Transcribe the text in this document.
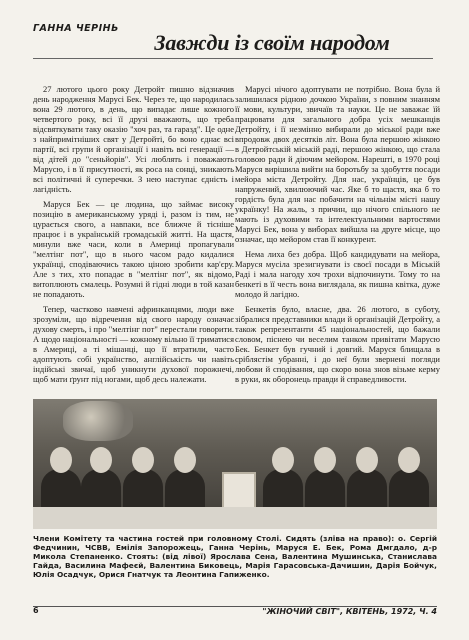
ГАННА ЧЕРІНЬ
Завжди із своїм народом

27 лютого цього року Детройт пишно відзначив день народження Марусі Бек. Через те, що народилась вона 29 лютого, в день, що випадає лише кожного четвертого року, всі її друзі вважають, що треба відсвяткувати таку оказію "хоч раз, та гаразд". Це одне з найпримітніших свят у Детройті, бо воно єднає всі партії, всі групи й організації і навіть всі генерації — від дітей до "сеньйорів". Усі люблять і поважають Марусю, і в її присутності, як роса на сонці, зникають всі політичні й суперечки. З нею наступає єдність і лагідність.

Маруся Бек — це людина, що займає високу позицію в американському уряді і, разом із тим, не цурається свого, а навпаки, все ближче й тісніше працює і в українській громадській житті. На щастя, минули вже часи, коли в Америці пропагували "мелтінг пот", що в нього часом радо кидалися українці, сподіваючись такою ціною зробити кар'єру. Але з тих, хто попадає в "мелтінг пот", як відомо, витоплюють смалець. Розумні й гідні люди в той казан не попадають.

Тепер, частково навчені афринканцями, люди вже зрозуміли, що відречення від свого народу означає духову смерть, і про "мелтінг пот" перестали говорити. А щодо національності — кожному вільно її триматися в Америці, а ті мішанці, що її втратили, часто адоптують собі українство, англійськість чи навіть індійські звичаї, щоб уникнути духової порожнечі, щоб мати ґрунт під ногами, щоб десь належати.

Марусі нічого адоптувати не потрібно. Вона була й залишилася рідною дочкою України, з повним знанням її мови, культури, звичаїв та науки. Це не заважає їй працювати для загального добра усіх мешканців Детройту, і її незмінно вибирали до міської ради вже впродовж двох десятків літ. Вона була першою жінкою в Детройтській міській раді, першою жінкою, що стала головою ради й діючим мейором. Нарешті, в 1970 році Маруся вирішила вийти на боротьбу за здобуття посади мейора міста Детройту. Для нас, українців, це був напружений, хвилюючий час. Яке б то щастя, яка б то гордість була для нас побачити на чільнім місті нашу українку! На жаль, з причин, що нічого спільного не мають із духовими та інтелектуальними вартостями Марусі Бек, вона у виборах вийшла на друге місце, що означає, що мейором став її конкурент.

Нема лиха без добра. Щоб кандидувати на мейора, Маруся мусіла зрезигнувати із своєї посади в Міській Раді і мала нагоду хоч трохи відпочинути. Тому то на бенкеті в її честь вона виглядала, як пишна квітка, дуже молодо й лагідно.

Бенкетів було, власне, два. 26 лютого, в суботу, зібралися представники влади й організацій Детройту, а також репрезентанти 45 національностей, що бажали словом, піснею чи веселим танком привітати Марусю Бек. Бенкет був гучний і довгий. Маруся блищала в сріблястім убранні, і до неї були звернені погляди любови й сподівання, що скоро вона знов візьме керму в руки, як оборонець правди й справедливости.

Члени Комітету та частина гостей при головному Столі. Сидять (зліва на право): о. Сергій Федчинин, ЧСВВ, Емілія Запорожець, Ганна Черінь, Маруся Е. Бек, Рома Дмгдало, д-р Микола Степаненко. Стоять: (від лівої) Ярослава Сена, Валентина Мушинська, Станислава Гайда, Василина Мафеєй, Валентина Биковець, Марія Гарасовська-Дачишин, Дарія Бойчук, Юлія Осадчук, Орися Гнатчук та Леонтина Гапиженко.
6	"ЖІНОЧИЙ СВІТ", КВІТЕНЬ, 1972, Ч. 4
